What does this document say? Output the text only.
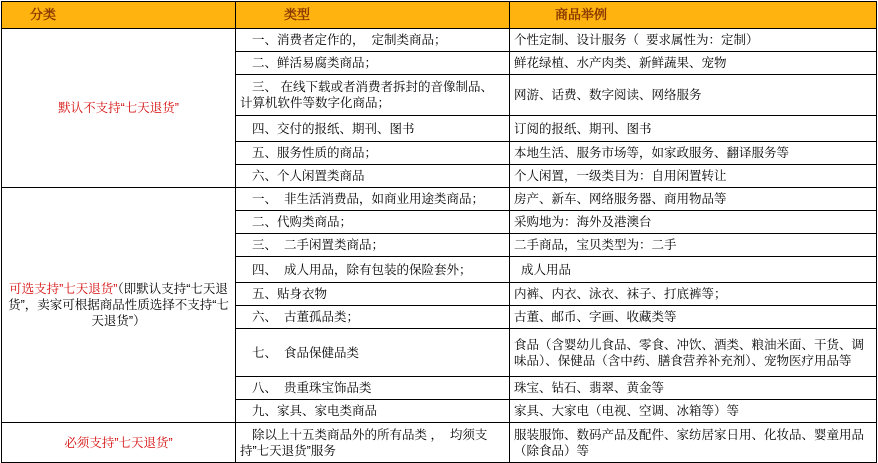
分类	类型	商品举例
默认不支持“七天退货”	一、消费者定作的，  定制类商品；	个性定制、设计服务（  要求属性为：定制）
	二、鲜活易腐类商品；	鲜花绿植、水产肉类、新鲜蔬果、宠物
	三、 在线下载或者消费者拆封的音像制品、计算机软件等数字化商品；	网游、话费、数字阅读、网络服务
	四、交付的报纸、期刊、图书	订阅的报纸、期刊、图书
	五、服务性质的商品；	本地生活、服务市场等，如家政服务、翻译服务等
	六、个人闲置类商品	个人闲置，一级类目为：自用闲置转让
可选支持”七天退货”（即默认支持“七天退货”，卖家可根据商品性质选择不支持“七天退货”）	一、  非生活消费品，如商业用途类商品；	房产、新车、网络服务器、商用物品等
	二、代购类商品；	采购地为：海外及港澳台
	三、  二手闲置类商品；	二手商品，宝贝类型为：二手
	四、  成人用品，除有包装的保险套外；	成人用品
	五、贴身衣物	内裤、内衣、泳衣、袜子、打底裤等；
	六、  古董孤品类；	古董、邮币、字画、收藏类等
	七、  食品保健品类	食品（含婴幼儿食品、零食、冲饮、酒类、粮油米面、干货、调味品）、保健品（含中药、膳食营养补充剂）、宠物医疗用品等
	八、  贵重珠宝饰品类	珠宝、钻石、翡翠、黄金等
	九、家具、家电类商品	家具、大家电（电视、空调、冰箱等）等
必须支持”七天退货”	除以上十五类商品外的所有品类 ，  均须支持”七天退货”服务	服装服饰、数码产品及配件、家纺居家日用、化妆品、婴童用品（除食品）等
